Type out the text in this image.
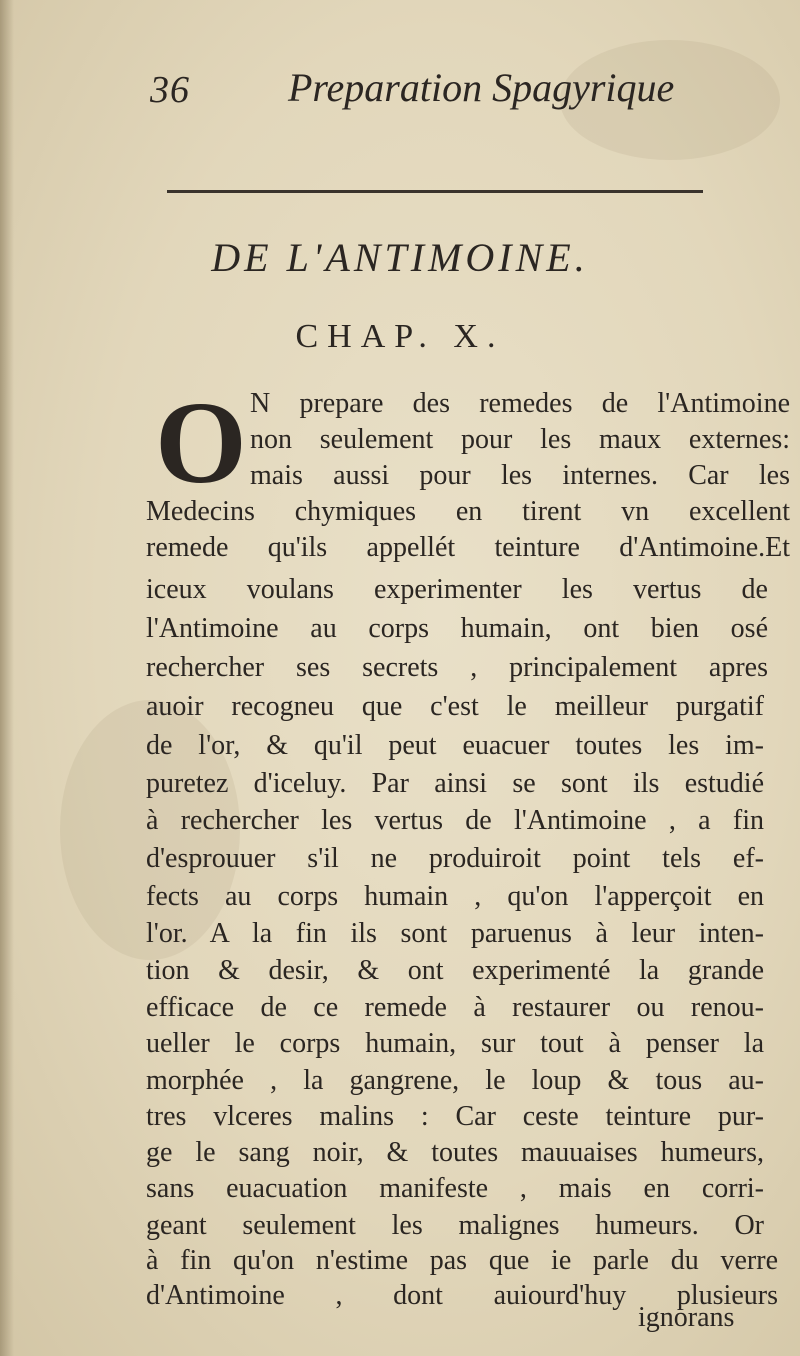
36 Preparation Spagyrique
DE L'ANTIMOINE.
CHAP. X.
O N prepare des remedes de l'Antimoine
non seulement pour les maux externes:
mais aussi pour les internes. Car les
Medecins chymiques en tirent vn excellent
remede qu'ils appellét teinture d'Antimoine.Et
iceux voulans experimenter les vertus de
l'Antimoine au corps humain, ont bien osé
rechercher ses secrets , principalement apres
auoir recogneu que c'est le meilleur purgatif
de l'or, & qu'il peut euacuer toutes les im-
puretez d'iceluy. Par ainsi se sont ils estudié
à rechercher les vertus de l'Antimoine , a fin
d'esprouuer s'il ne produiroit point tels ef-
fects au corps humain , qu'on l'apperçoit en
l'or. A la fin ils sont paruenus à leur inten-
tion & desir, & ont experimenté la grande
efficace de ce remede à restaurer ou renou-
ueller le corps humain, sur tout à penser la
morphée , la gangrene, le loup & tous au-
tres vlceres malins : Car ceste teinture pur-
ge le sang noir, & toutes mauuaises humeurs,
sans euacuation manifeste , mais en corri-
geant seulement les malignes humeurs. Or
à fin qu'on n'estime pas que ie parle du verre
d'Antimoine , dont auiourd'huy plusieurs
ignorans
